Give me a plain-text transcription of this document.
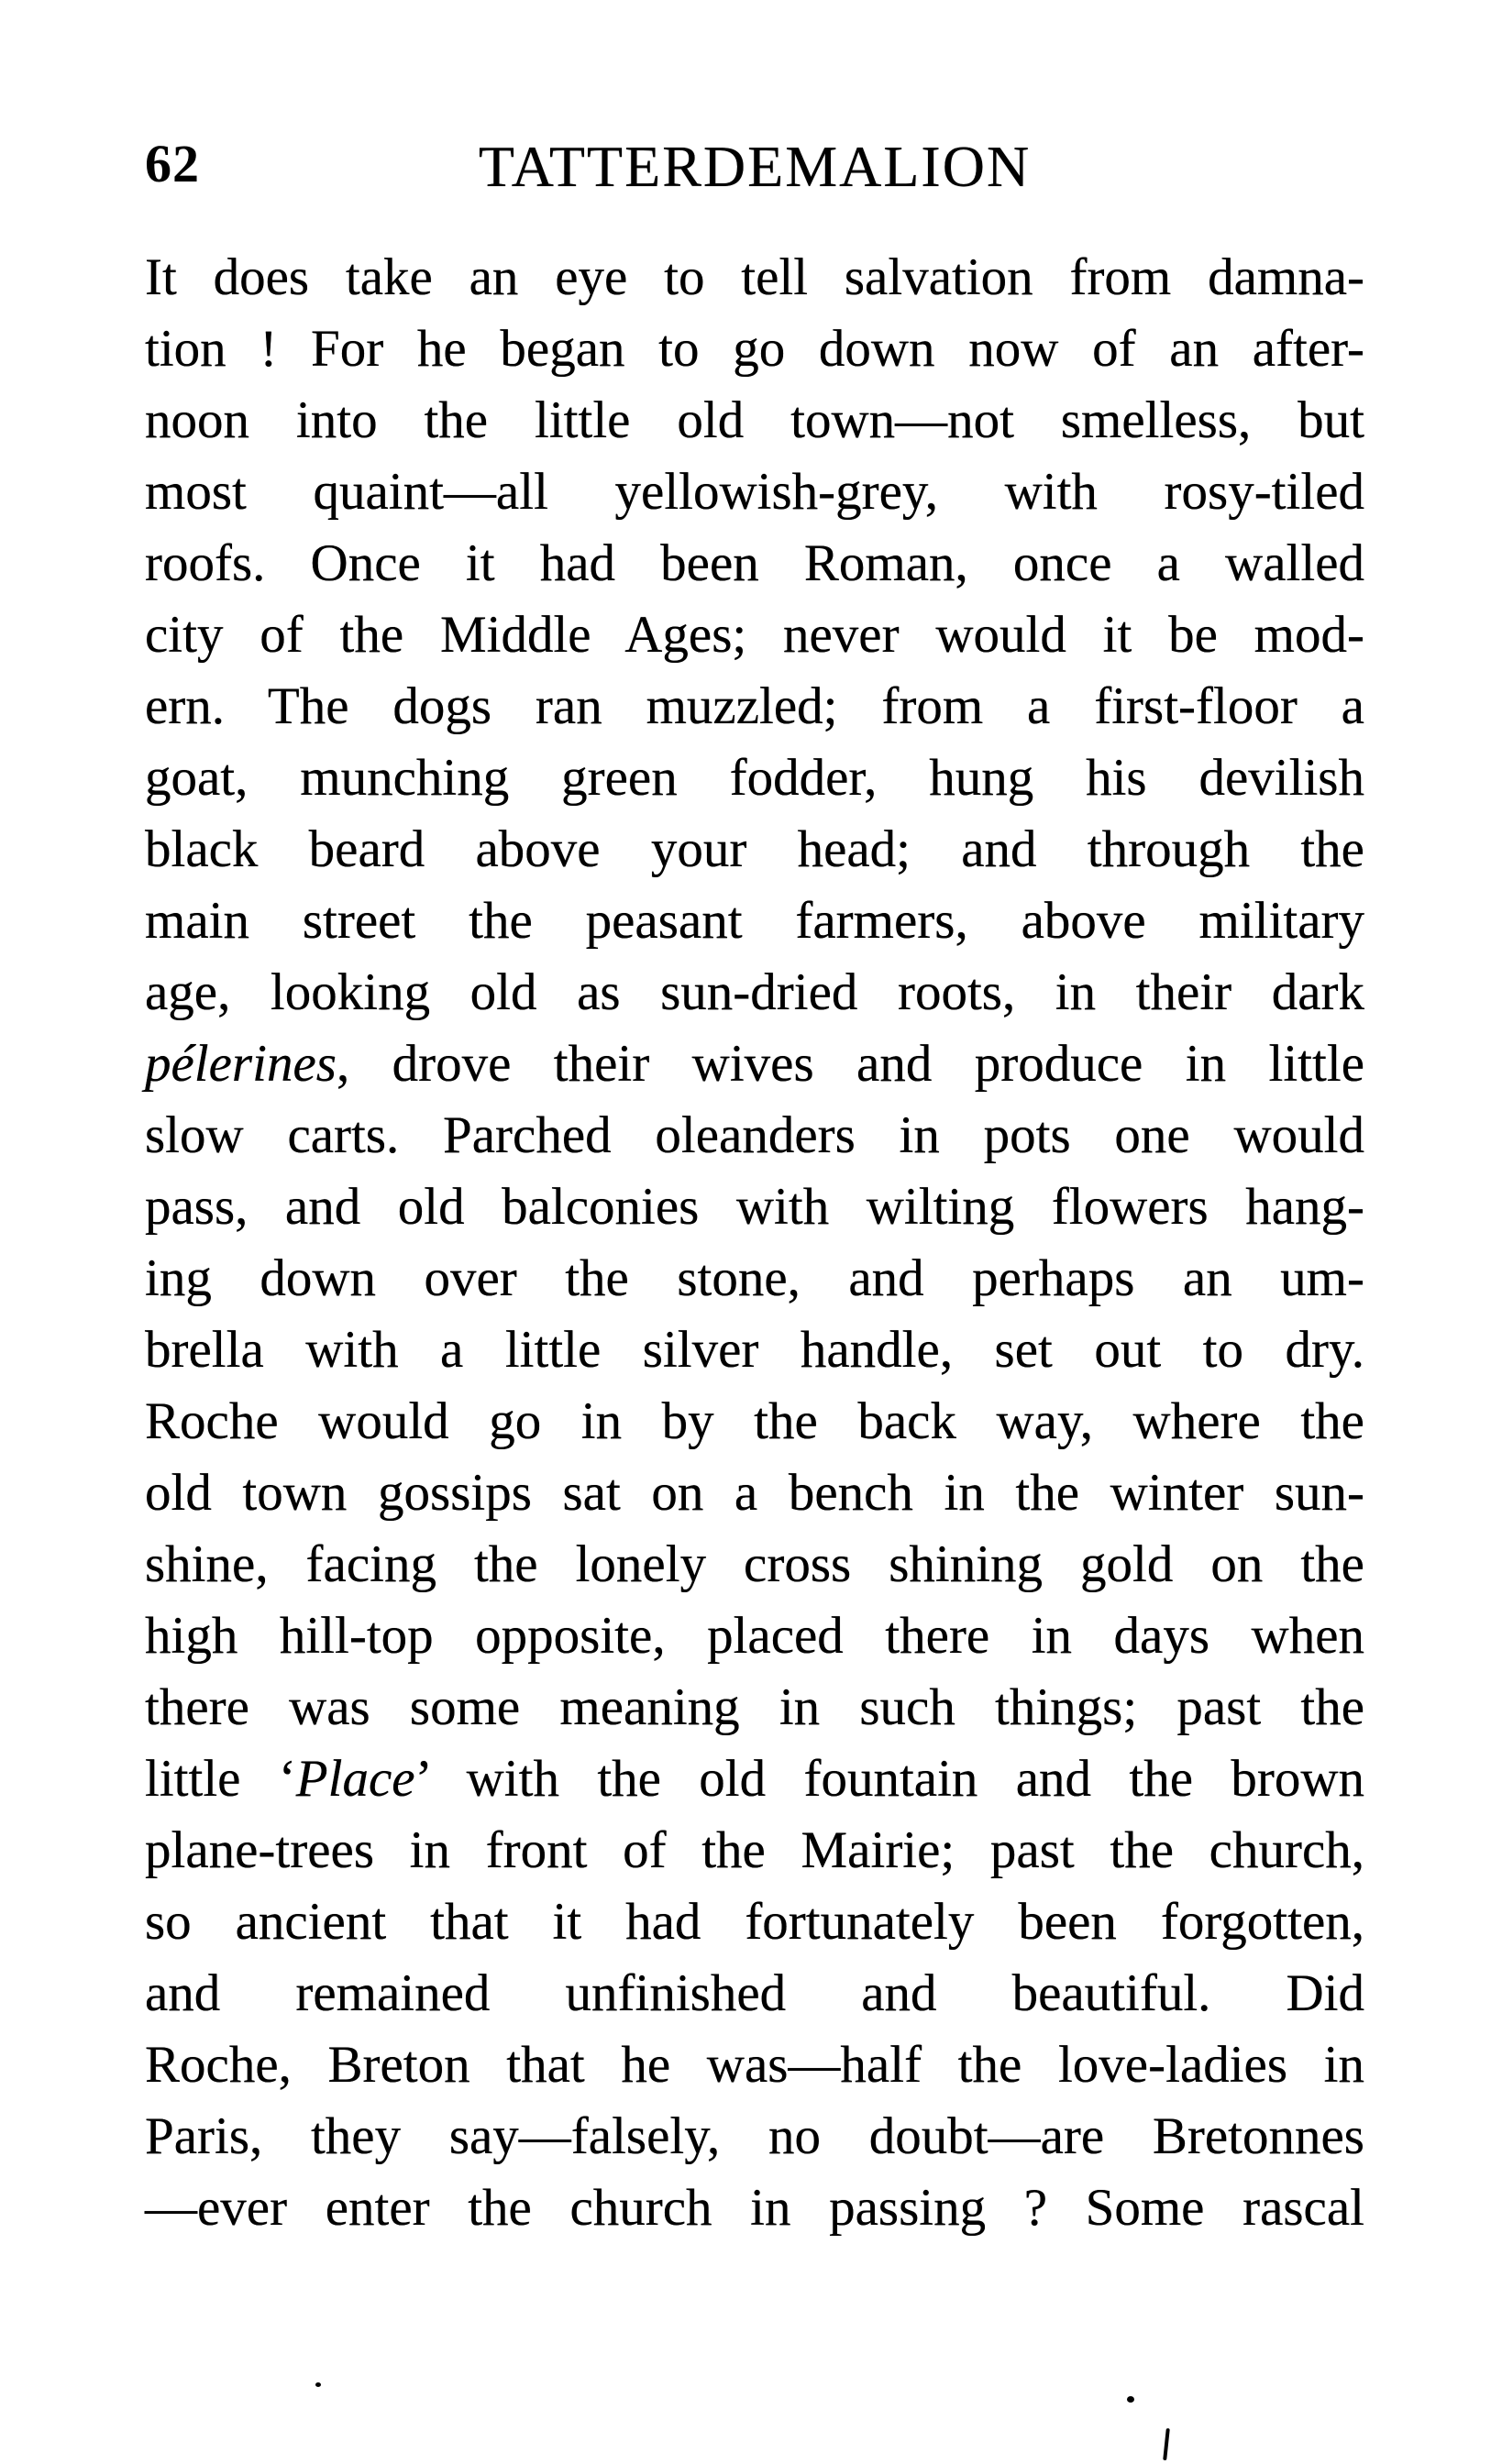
62	TATTERDEMALION
It does take an eye to tell salvation from damna-
tion ! For he began to go down now of an after-
noon into the little old town—not smelless, but
most quaint—all yellowish-grey, with rosy-tiled
roofs. Once it had been Roman, once a walled
city of the Middle Ages; never would it be mod-
ern. The dogs ran muzzled; from a first-floor a
goat, munching green fodder, hung his devilish
black beard above your head; and through the
main street the peasant farmers, above military
age, looking old as sun-dried roots, in their dark
pélerines, drove their wives and produce in little
slow carts. Parched oleanders in pots one would
pass, and old balconies with wilting flowers hang-
ing down over the stone, and perhaps an um-
brella with a little silver handle, set out to dry.
Roche would go in by the back way, where the
old town gossips sat on a bench in the winter sun-
shine, facing the lonely cross shining gold on the
high hill-top opposite, placed there in days when
there was some meaning in such things; past the
little ‘Place’ with the old fountain and the brown
plane-trees in front of the Mairie; past the church,
so ancient that it had fortunately been forgotten,
and remained unfinished and beautiful. Did
Roche, Breton that he was—half the love-ladies in
Paris, they say—falsely, no doubt—are Bretonnes
—ever enter the church in passing ? Some rascal
